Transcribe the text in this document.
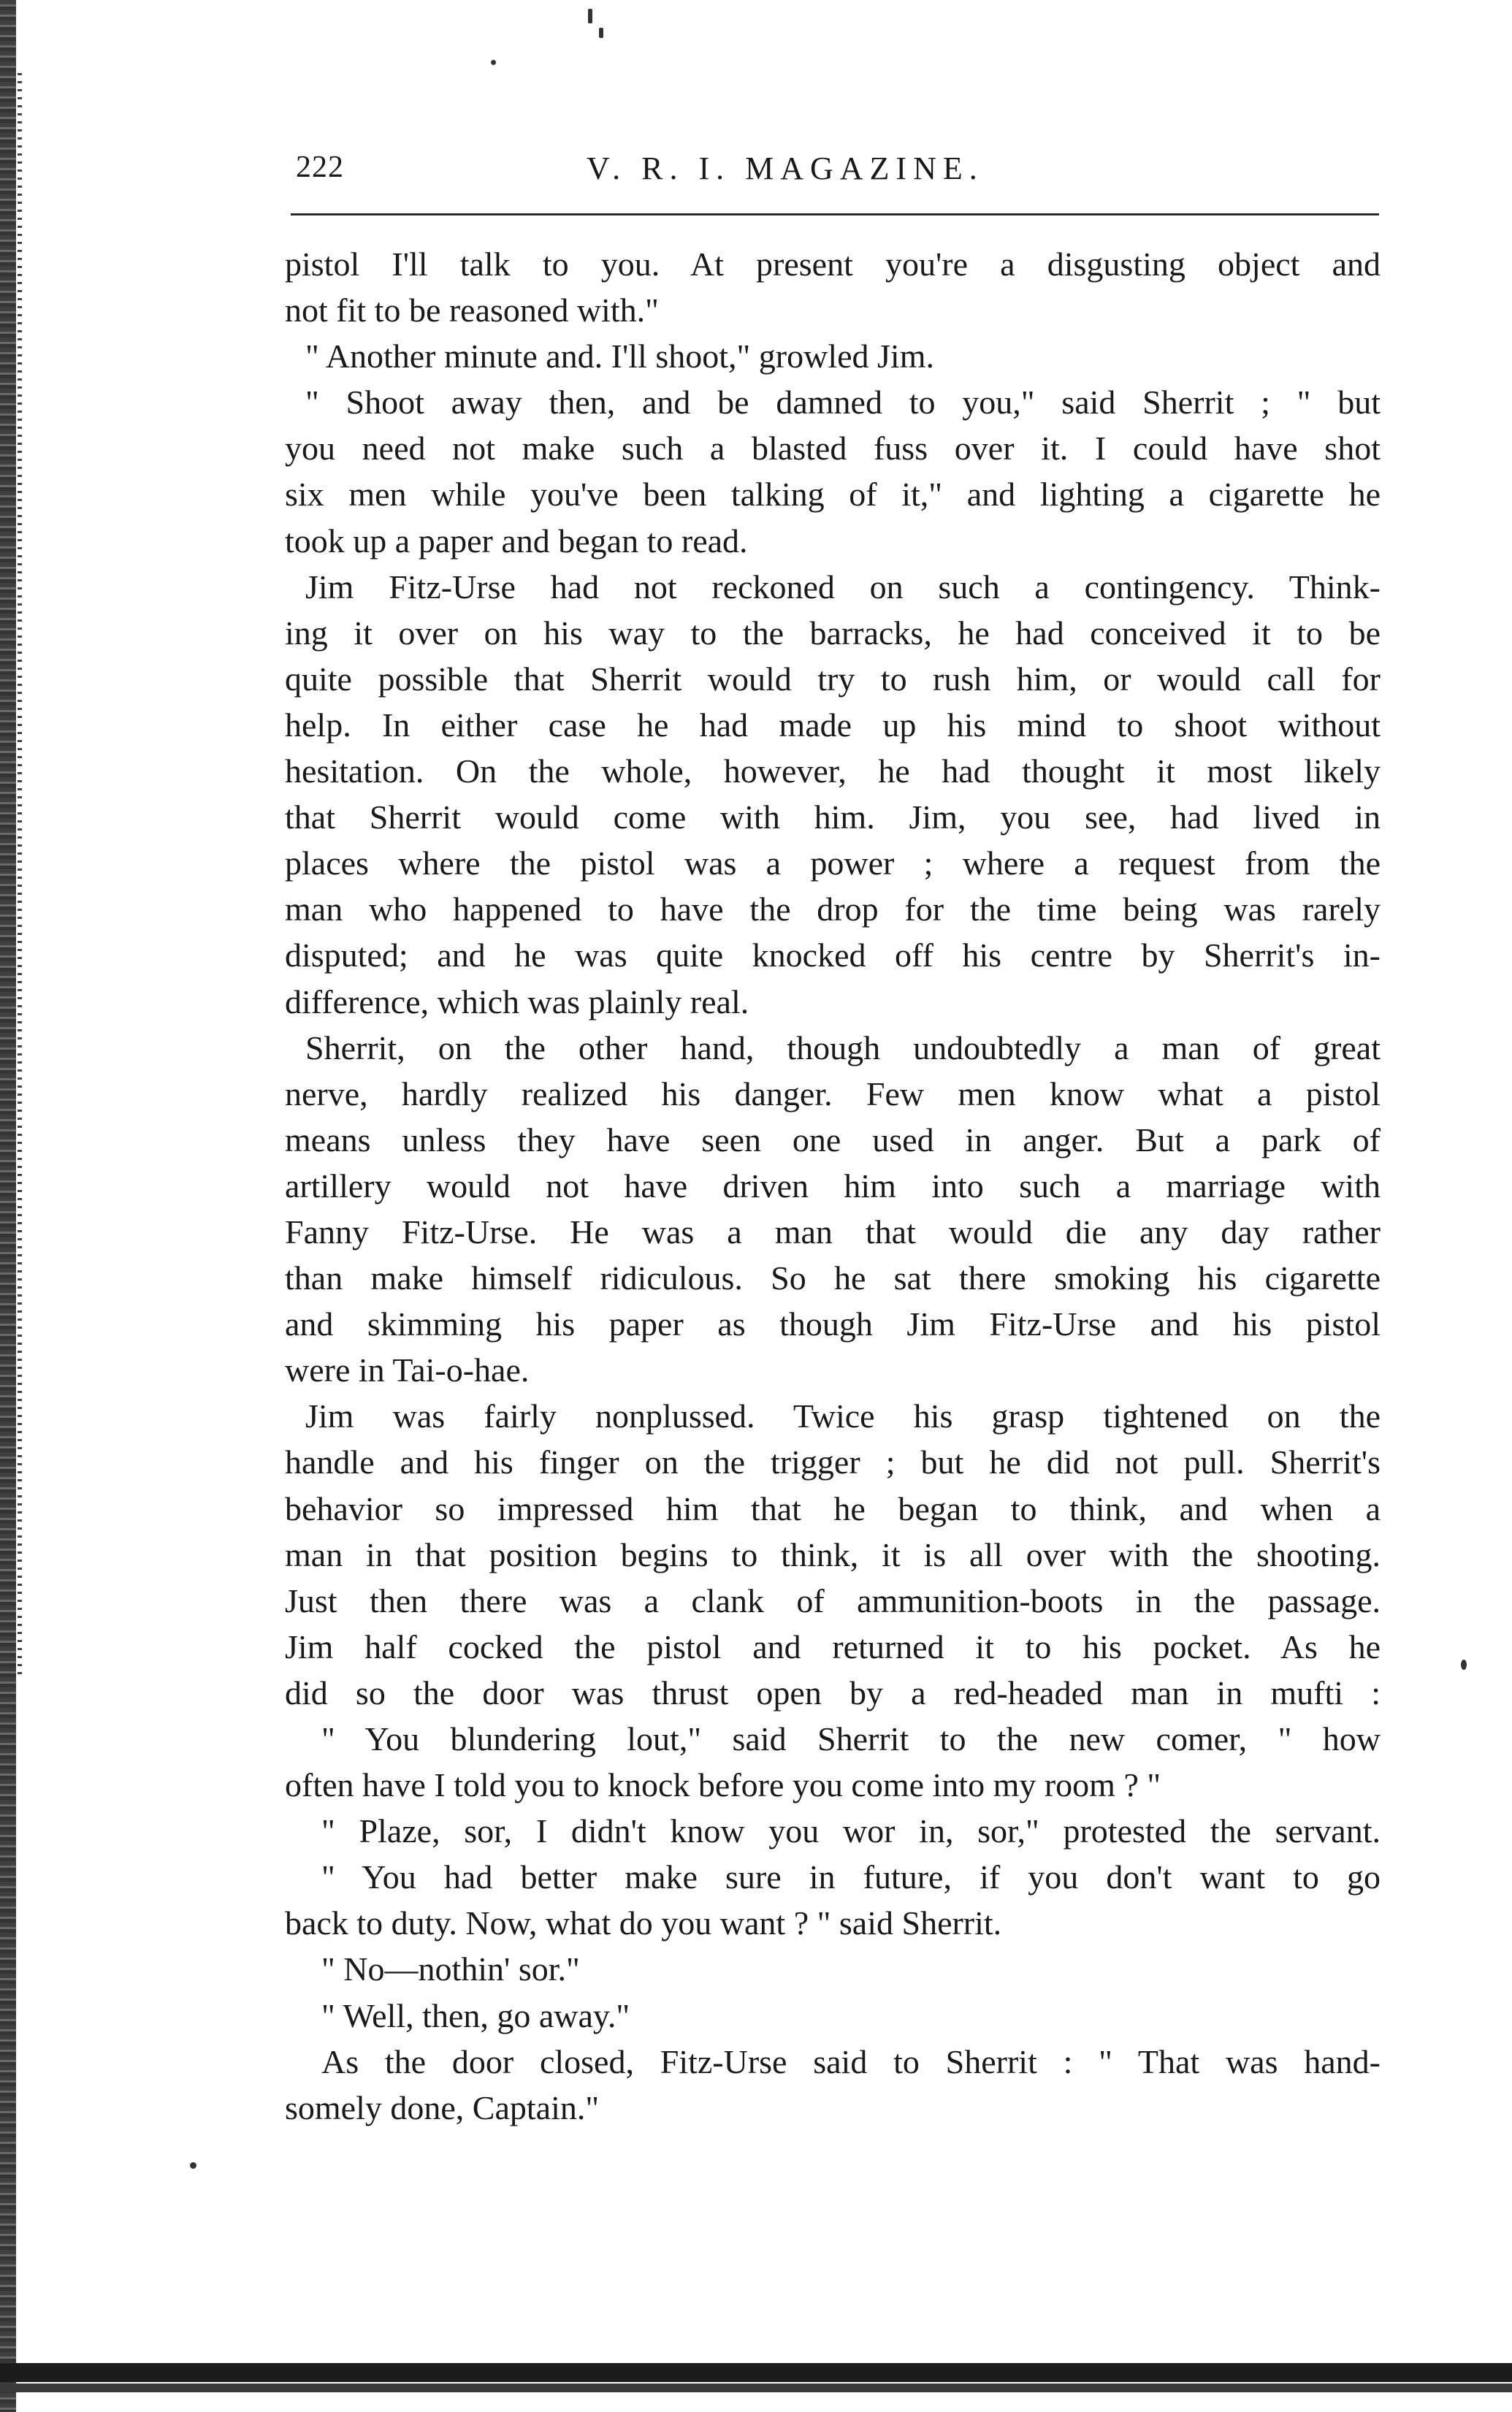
222	V. R. I. MAGAZINE.
pistol I'll talk to you. At present you're a disgusting object and
not fit to be reasoned with."
" Another minute and. I'll shoot," growled Jim.
" Shoot away then, and be damned to you," said Sherrit ; " but
you need not make such a blasted fuss over it. I could have shot
six men while you've been talking of it," and lighting a cigarette he
took up a paper and began to read.
Jim Fitz-Urse had not reckoned on such a contingency. Think-
ing it over on his way to the barracks, he had conceived it to be
quite possible that Sherrit would try to rush him, or would call for
help. In either case he had made up his mind to shoot without
hesitation. On the whole, however, he had thought it most likely
that Sherrit would come with him. Jim, you see, had lived in
places where the pistol was a power ; where a request from the
man who happened to have the drop for the time being was rarely
disputed; and he was quite knocked off his centre by Sherrit's in-
difference, which was plainly real.
Sherrit, on the other hand, though undoubtedly a man of great
nerve, hardly realized his danger. Few men know what a pistol
means unless they have seen one used in anger. But a park of
artillery would not have driven him into such a marriage with
Fanny Fitz-Urse. He was a man that would die any day rather
than make himself ridiculous. So he sat there smoking his cigarette
and skimming his paper as though Jim Fitz-Urse and his pistol
were in Tai-o-hae.
Jim was fairly nonplussed. Twice his grasp tightened on the
handle and his finger on the trigger ; but he did not pull. Sherrit's
behavior so impressed him that he began to think, and when a
man in that position begins to think, it is all over with the shooting.
Just then there was a clank of ammunition-boots in the passage.
Jim half cocked the pistol and returned it to his pocket. As he
did so the door was thrust open by a red-headed man in mufti :
" You blundering lout," said Sherrit to the new comer, " how
often have I told you to knock before you come into my room ? "
" Plaze, sor, I didn't know you wor in, sor," protested the servant.
" You had better make sure in future, if you don't want to go
back to duty. Now, what do you want ? " said Sherrit.
" No—nothin' sor."
" Well, then, go away."
As the door closed, Fitz-Urse said to Sherrit : " That was hand-
somely done, Captain."
